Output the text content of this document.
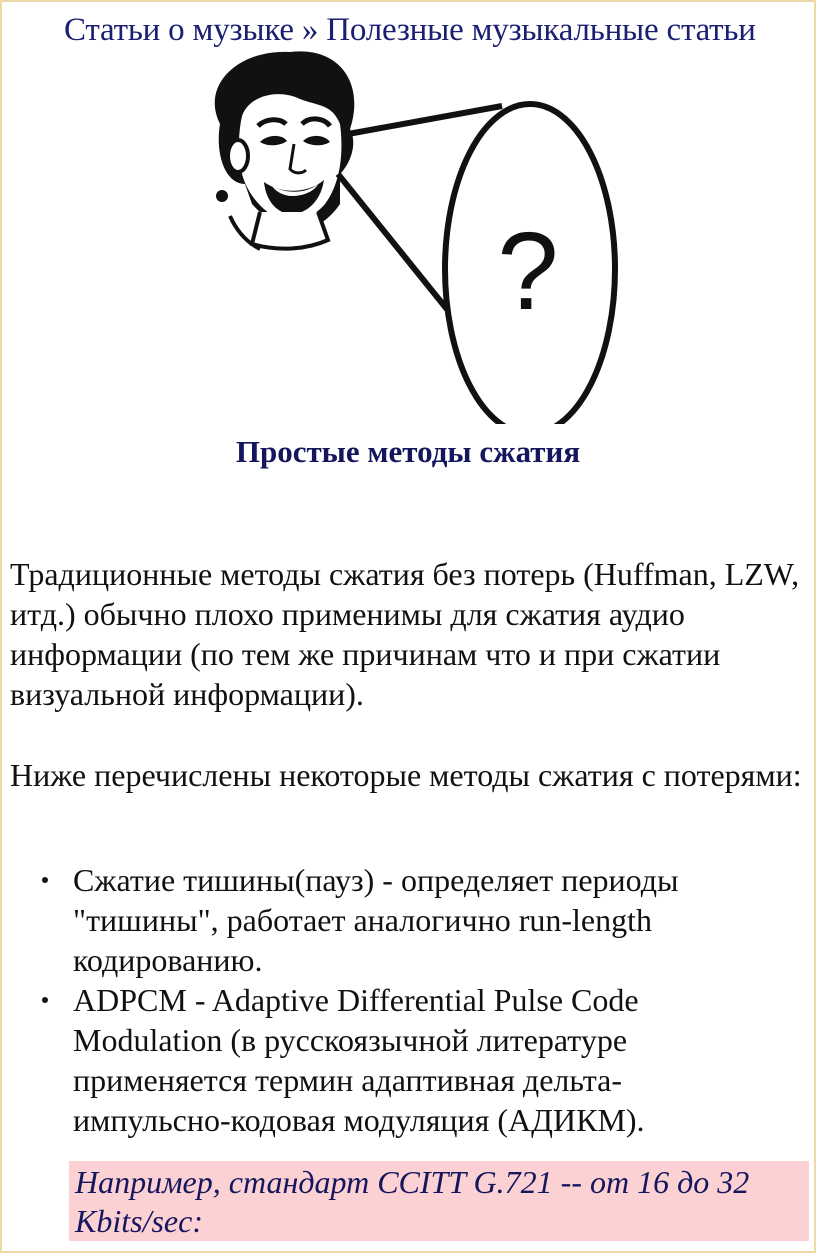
Статьи о музыке » Полезные музыкальные статьи
?
Простые методы сжатия
Традиционные методы сжатия без потерь (Huffman, LZW, итд.) обычно плохо применимы для сжатия аудио информации (по тем же причинам что и при сжатии визуальной информации).
Ниже перечислены некоторые методы сжатия с потерями:
Сжатие тишины(пауз) - определяет периоды "тишины", работает аналогично run-length кодированию.
ADPCM - Adaptive Differential Pulse Code Modulation (в русскоязычной литературе применяется термин адаптивная дельта-импульсно-кодовая модуляция (АДИКМ).
Например, стандарт CCITT G.721 -- от 16 до 32 Kbits/sec:
